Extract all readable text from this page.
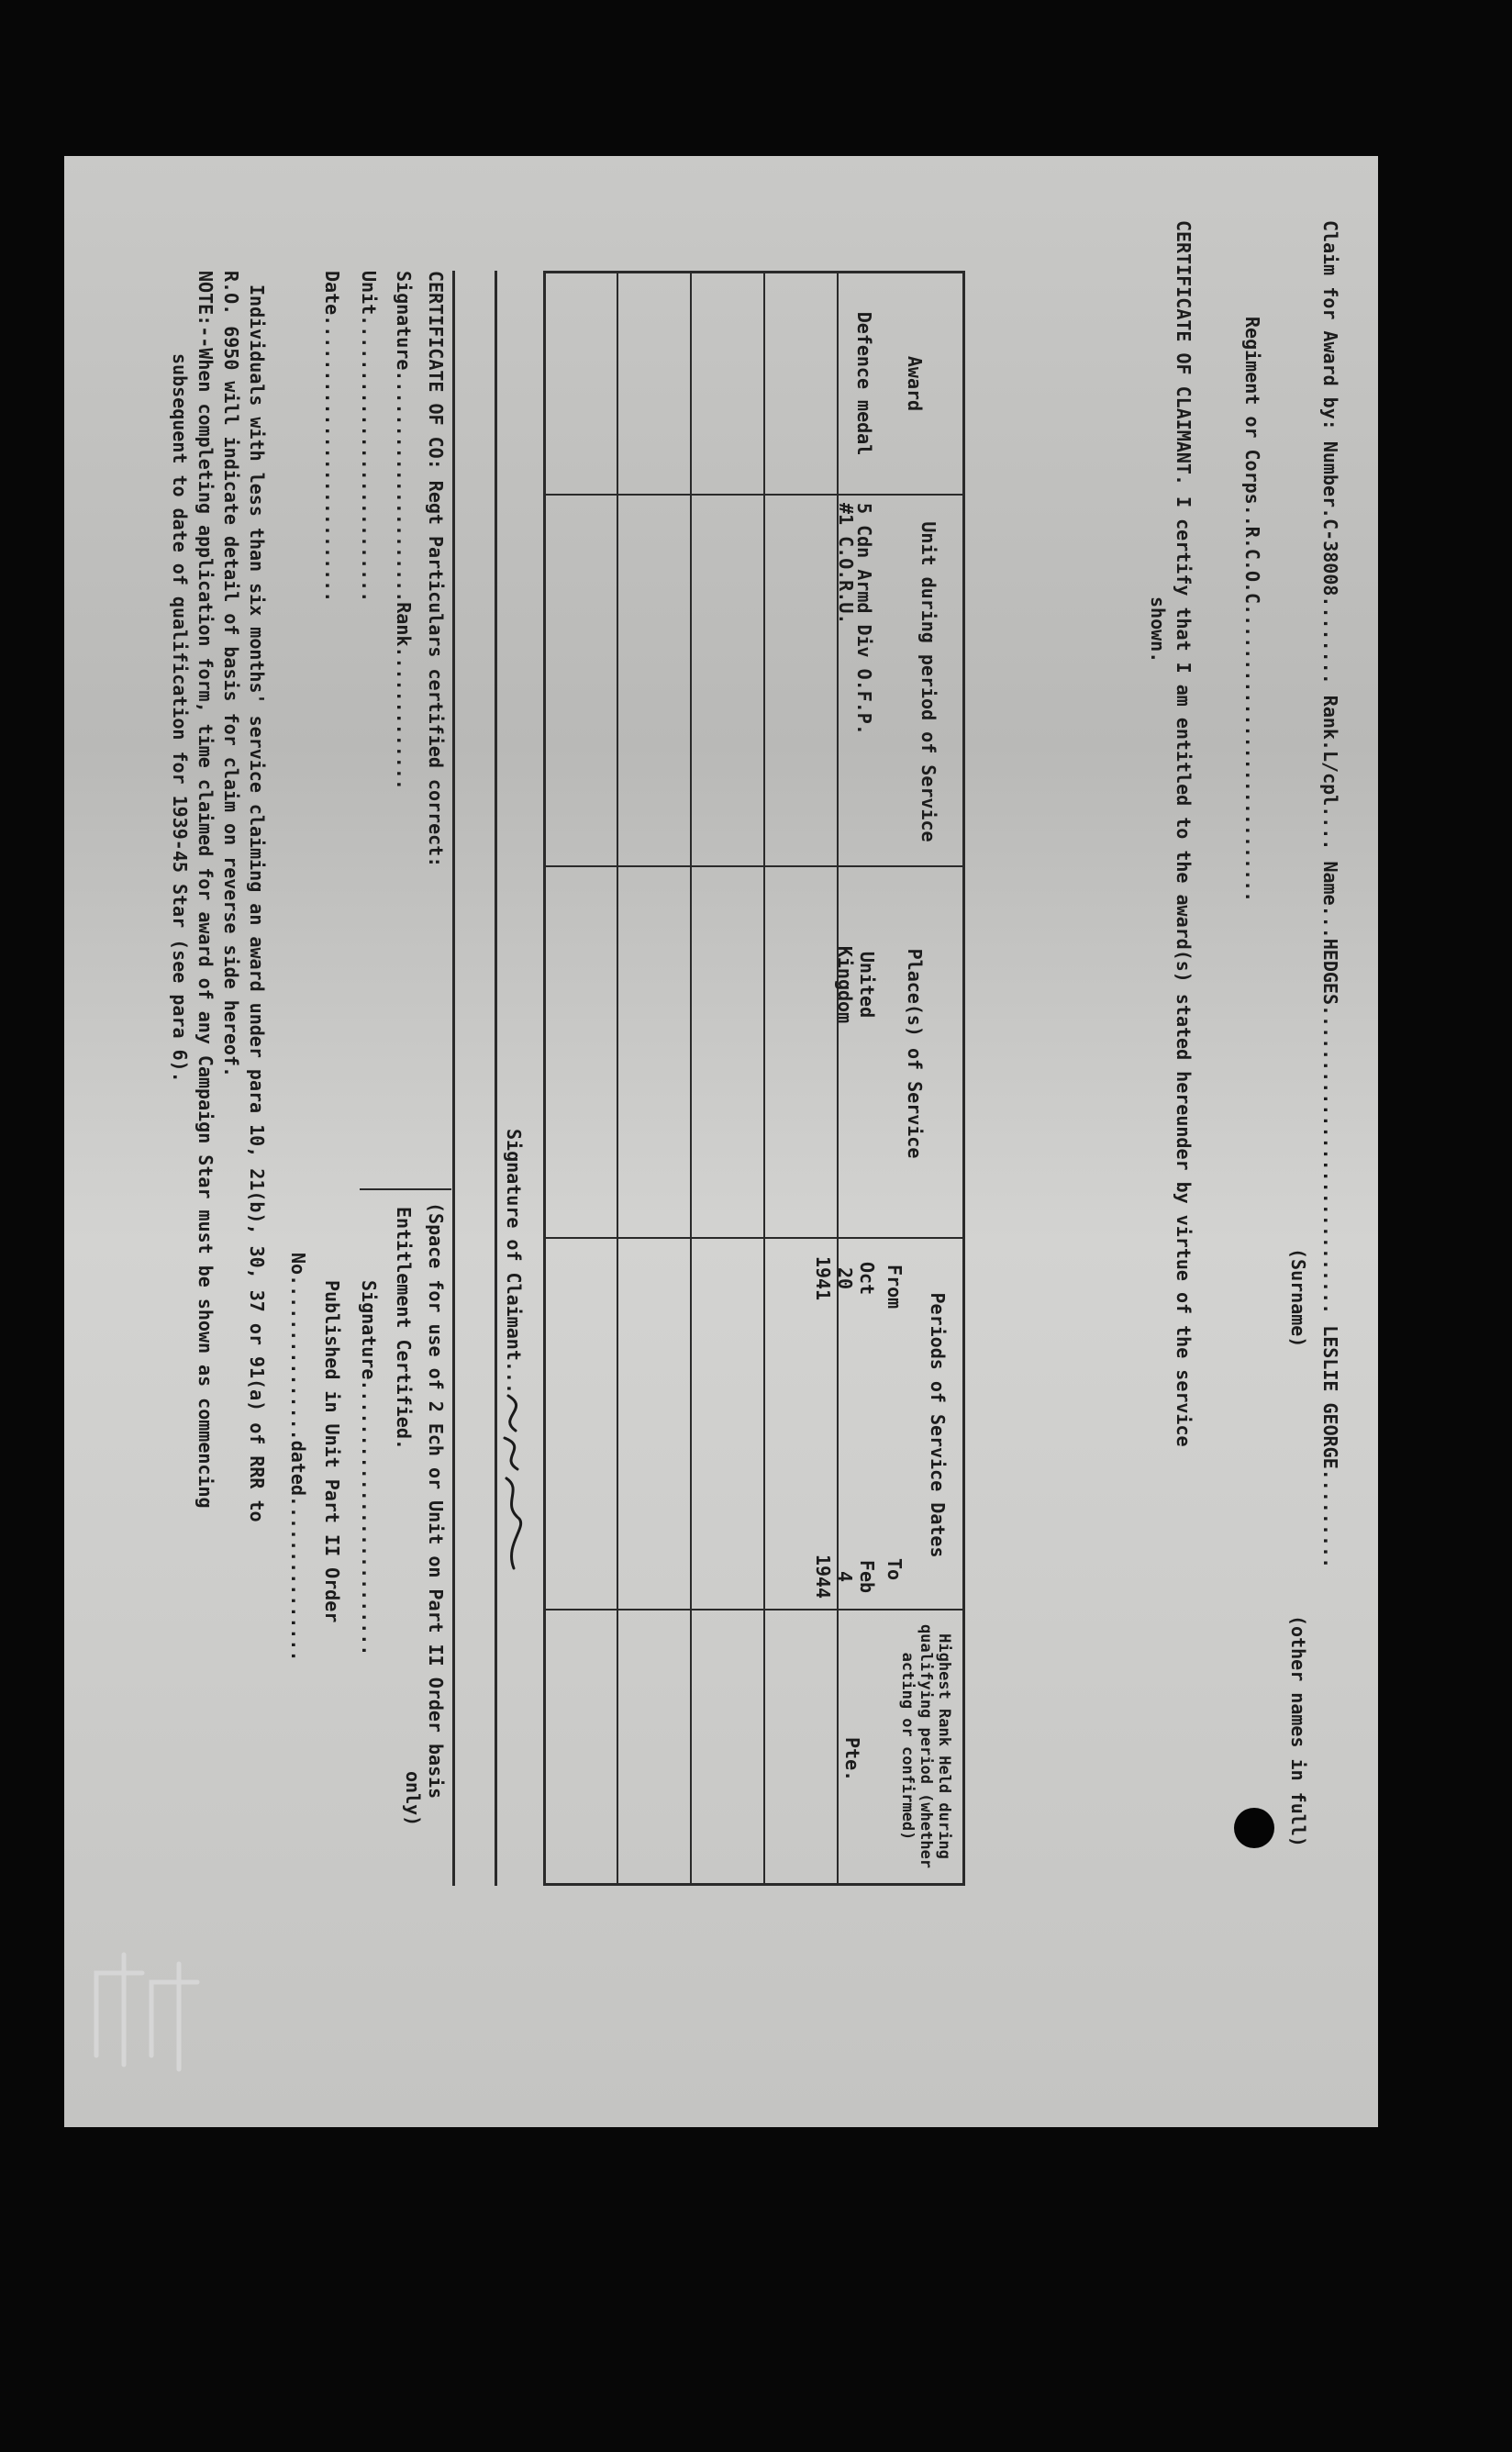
Claim for Award by: Number.C-38008........ Rank.L/cpl.... Name...HEDGES............................ LESLIE GEORGE.........
(Surname)
(other names in full)
Regiment or Corps..R.C.O.C...........................
CERTIFICATE OF CLAIMANT. I certify that I am entitled to the award(s) stated hereunder by virtue of the service
shown.
Award
Unit during period of Service
Place(s) of Service
Periods of Service Dates
From
To
Highest Rank Held during qualifying period (whether acting or confirmed)
Defence medal
5 Cdn Armd Div O.F.P.
#1 C.O.R.U.
United Kingdom
Oct 20 1941
Feb 4 1944
Pte.
Signature of Claimant...
CERTIFICATE OF CO: Regt Particulars certified correct:
Signature.....................Rank.............
Unit..........................
Date..........................
(Space for use of 2 Ech or Unit on Part II Order basis
only)
Entitlement Certified.
Signature.........................
Published in Unit Part II Order
No...............dated...............
Individuals with less than six months' service claiming an award under para 10, 21(b), 30, 37 or 91(a) of RRR to
R.O. 6950 will indicate detail of basis for claim on reverse side hereof.
NOTE:--When completing application form, time claimed for award of any Campaign Star must be shown as commencing
subsequent to date of qualification for 1939-45 Star (see para 6).
